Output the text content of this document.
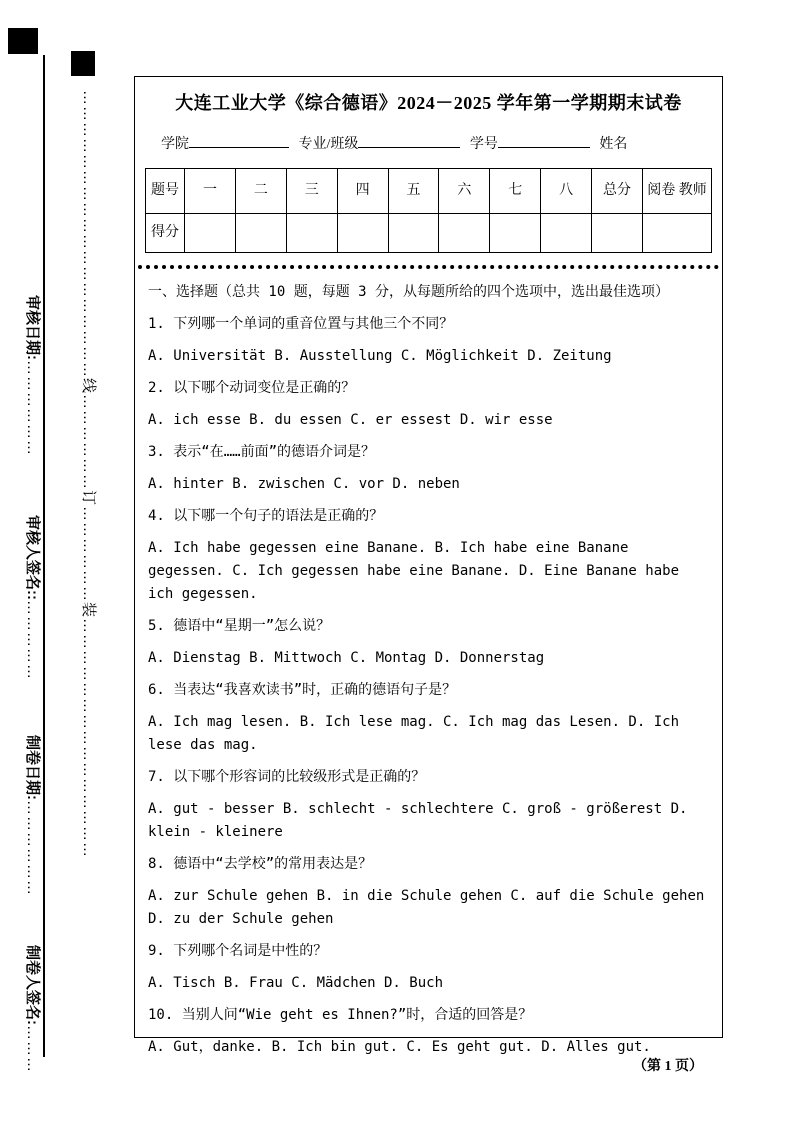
审核日期:………………
审核人签名::……………
制卷日期:………………
制卷人签名:………
………………………………………………线………………订………………装………………………………………	大连工业大学《综合德语》2024－2025 学年第一学期期末试卷
学院	专业/班级	学号	姓名
题号	一	二	三	四	五	六	七	八	总分	阅卷 教师
得分										

一、选择题（总共 10 题，每题 3 分，从每题所给的四个选项中，选出最佳选项）

1. 下列哪一个单词的重音位置与其他三个不同？

A. Universität B. Ausstellung C. Möglichkeit D. Zeitung

2. 以下哪个动词变位是正确的？

A. ich esse B. du essen C. er essest D. wir esse

3. 表示“在……前面”的德语介词是？

A. hinter B. zwischen C. vor D. neben

4. 以下哪一个句子的语法是正确的？

A. Ich habe gegessen eine Banane. B. Ich habe eine Banane gegessen. C. Ich gegessen habe eine Banane. D. Eine Banane habe ich gegessen.

5. 德语中“星期一”怎么说？

A. Dienstag B. Mittwoch C. Montag D. Donnerstag

6. 当表达“我喜欢读书”时，正确的德语句子是？

A. Ich mag lesen. B. Ich lese mag. C. Ich mag das Lesen. D. Ich lese das mag.

7. 以下哪个形容词的比较级形式是正确的？

A. gut - besser B. schlecht - schlechtere C. groß - größerest D. klein - kleinere

8. 德语中“去学校”的常用表达是？

A. zur Schule gehen B. in die Schule gehen C. auf die Schule gehen D. zu der Schule gehen

9. 下列哪个名词是中性的？

A. Tisch B. Frau C. Mädchen D. Buch

10. 当别人问“Wie geht es Ihnen?”时，合适的回答是？

A. Gut，danke. B. Ich bin gut. C. Es geht gut. D. Alles gut.

（第 1 页）
